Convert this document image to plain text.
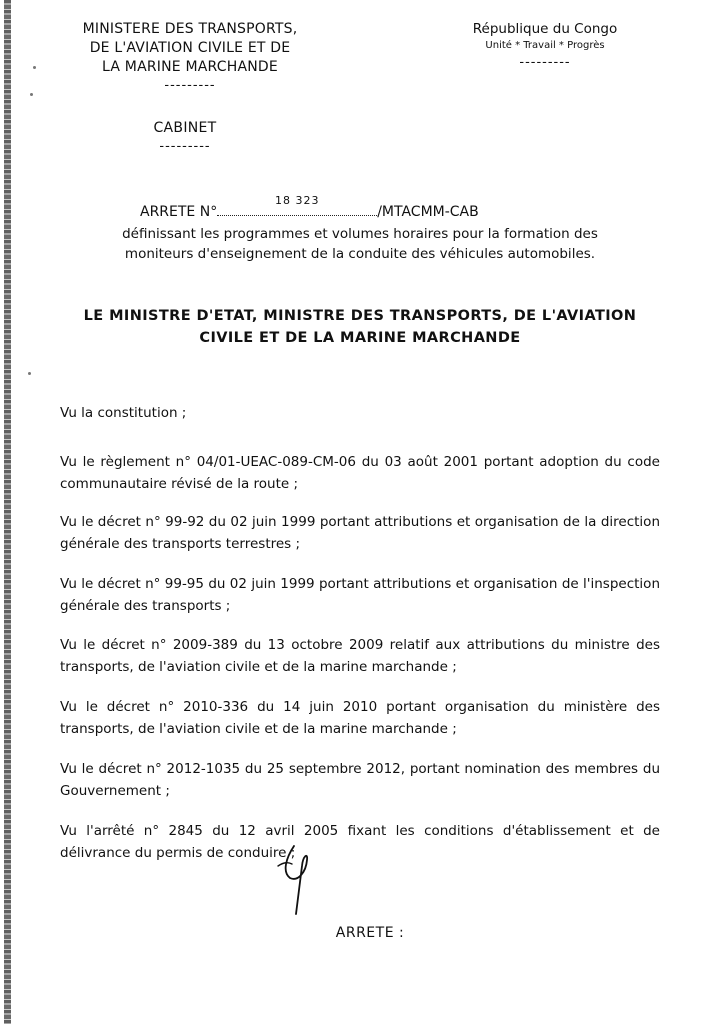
MINISTERE DES TRANSPORTS,
DE L'AVIATION CIVILE ET DE
LA MARINE MARCHANDE
---------
République du Congo
Unité * Travail * Progrès
---------
CABINET
---------
ARRETE N°
18 323
/MTACMM-CAB
définissant les programmes et volumes horaires pour la formation des
moniteurs d'enseignement de la conduite des véhicules automobiles.
LE MINISTRE D'ETAT, MINISTRE DES TRANSPORTS, DE L'AVIATION
CIVILE ET DE LA MARINE MARCHANDE
Vu la constitution ;
Vu le règlement n° 04/01-UEAC-089-CM-06 du 03 août 2001 portant adoption du code communautaire révisé de la route ;
Vu le décret n° 99-92 du 02 juin 1999 portant attributions et organisation de la direction générale des transports terrestres ;
Vu le décret n° 99-95 du 02 juin 1999 portant attributions et organisation de l'inspection générale des transports ;
Vu le décret n° 2009-389 du 13 octobre 2009 relatif aux attributions du ministre des transports, de l'aviation civile et de la marine marchande ;
Vu le décret n° 2010-336 du 14 juin 2010 portant organisation du ministère des transports, de l'aviation civile et de la marine marchande ;
Vu le décret n° 2012-1035 du 25 septembre 2012, portant nomination des membres du Gouvernement ;
Vu l'arrêté n° 2845 du 12 avril 2005 fixant les conditions d'établissement et de délivrance du permis de conduire ;
ARRETE :
